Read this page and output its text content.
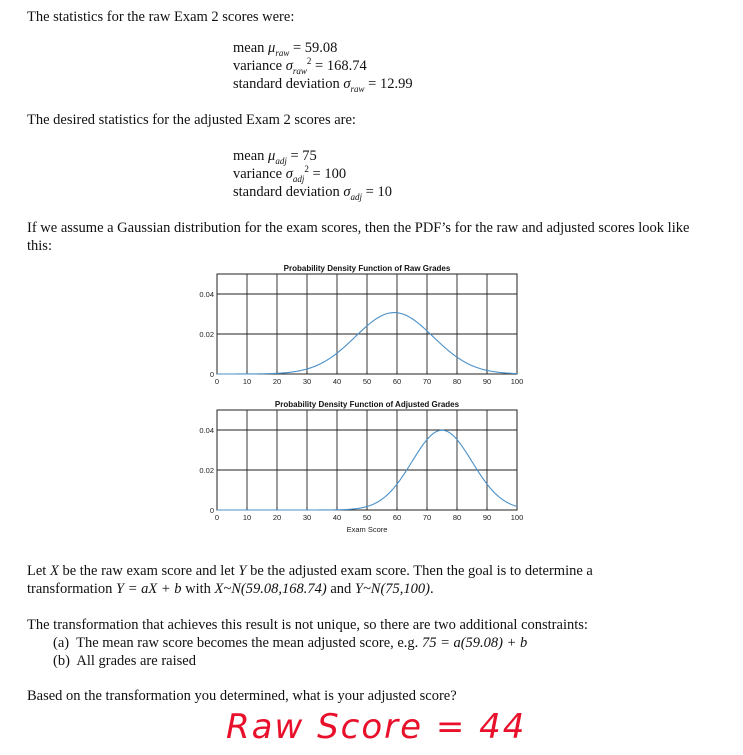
The statistics for the raw Exam 2 scores were:
mean $\mu_{raw} = 59.08$
variance $\sigma_{raw}^2 = 168.74$
standard deviation $\sigma_{raw} = 12.99$
The desired statistics for the adjusted Exam 2 scores are:
mean $\mu_{adj} = 75$
variance $\sigma_{adj}^2 = 100$
standard deviation $\sigma_{adj} = 10$
If we assume a Gaussian distribution for the exam scores, then the PDF’s for the raw and adjusted scores look like this:
Probability Density Function of Raw Grades
0	10	20	30	40	50	60	70	80	90	100
0
0.02
0.04
Probability Density Function of Adjusted Grades
0	10	20	30	40	50	60	70	80	90	100
0
0.02
0.04
Exam Score
Let X be the raw exam score and let Y be the adjusted exam score. Then the goal is to determine a
transformation Y = aX + b with X~N(59.08,168.74) and Y~N(75,100).
The transformation that achieves this result is not unique, so there are two additional constraints:
(a) The mean raw score becomes the mean adjusted score, e.g. 75 = a(59.08) + b
(b) All grades are raised
Based on the transformation you determined, what is your adjusted score?
Raw Score = 44
